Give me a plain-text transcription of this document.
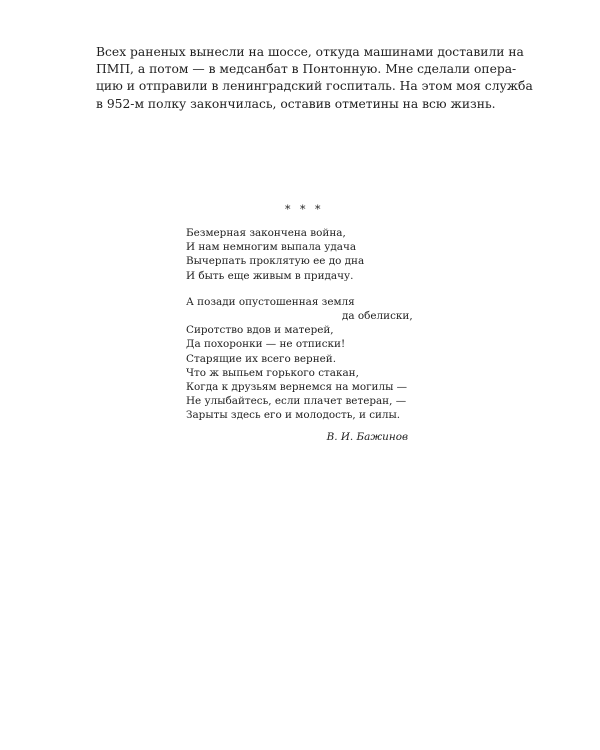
Всех раненых вынесли на шоссе, откуда машинами доставили на
ПМП, а потом — в медсанбат в Понтонную. Мне сделали опера-
цию и отправили в ленинградский госпиталь. На этом моя служба
в 952-м полку закончилась, оставив отметины на всю жизнь.
* * *
Безмерная закончена война,
И нам немногим выпала удача
Вычерпать проклятую ее до дна
И быть еще живым в придачу.
А позади опустошенная земля
да обелиски,
Сиротство вдов и матерей,
Да похоронки — не отписки!
Старящие их всего верней.
Что ж выпьем горького стакан,
Когда к друзьям вернемся на могилы —
Не улыбайтесь, если плачет ветеран, —
Зарыты здесь его и молодость, и силы.
В. И. Бажинов
